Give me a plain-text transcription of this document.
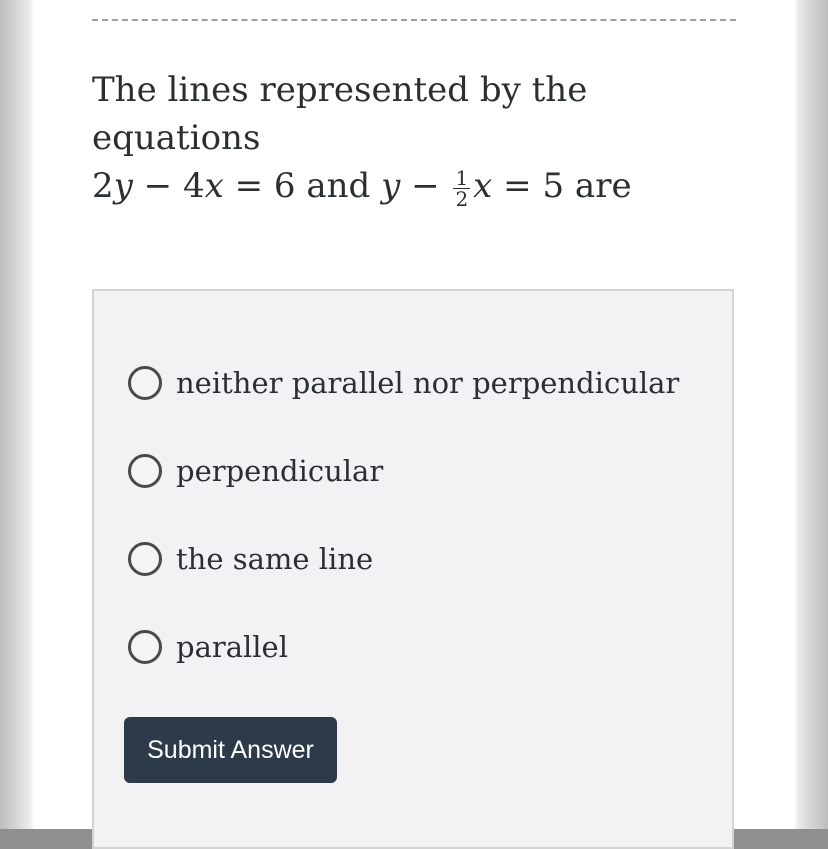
The lines represented by the equations
2y − 4x = 6 and $y - \frac{1}{2}$ x = 5 are
neither parallel nor perpendicular
perpendicular
the same line
parallel
Submit Answer
